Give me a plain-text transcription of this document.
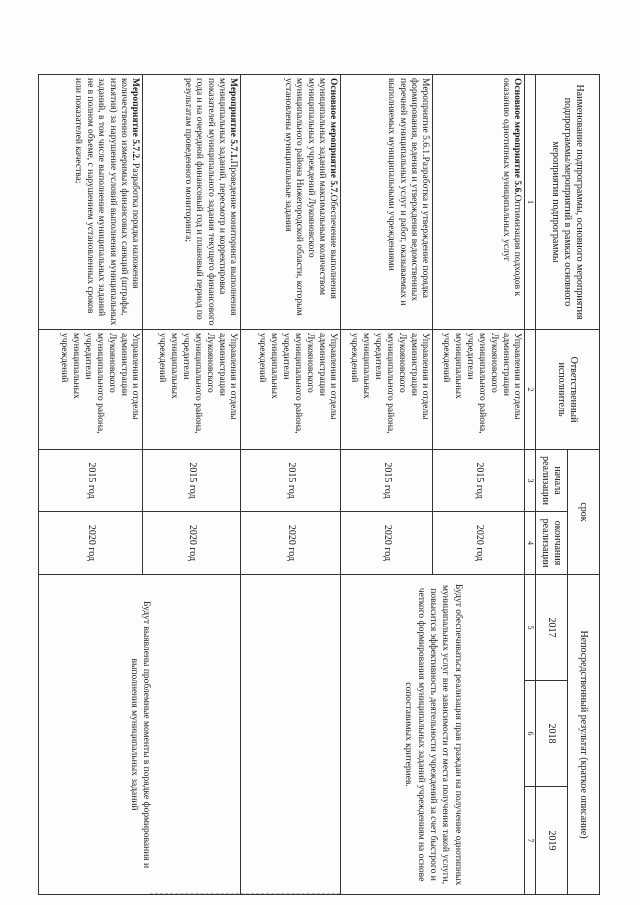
Наименование подпрограммы, основного мероприятия подпрограммы/мероприятий в рамках основного мероприятия подпрограммы	Ответственный исполнитель	срок		Непосредственный результат (краткое описание)		
		начала реализации	окончания реализации	2017	2018	2019
1	2	3	4	5	6	7
Основное мероприятие 5.6.Оптимизация подходов к оказанию однотипных муниципальных услуг	Управления и отделы администрации Лукояновского муниципального района, учредители муниципальных учреждений	2015 год	2020 год	Будут обеспечиваться реализация прав граждан на получение однотипных муниципальных услуг вне зависимости от места получения такой услуги, повысится эффективность деятельности учреждений за счет быстрого и четкого формирования муниципальных заданий учреждениям на основе сопоставимых критериев.		
Мероприятие 5.6.1.Разработка и утверждение порядка формирования, ведения и утверждения ведомственных перечней муниципальных услуг и работ, оказываемых и выполняемых муниципальными учреждениями	Управления и отделы администрации Лукояновского муниципального района, учредители муниципальных учреждений	2015 год	2020 год			
Основное мероприятие 5.7.Обеспечение выполнения муниципальных заданий максимальным количеством муниципальных учреждений Лукояновского муниципального района Нижегородской области, которым установлены муниципальные задания	Управления и отделы администрации Лукояновского муниципального района, учредители муниципальных учреждений	2015 год	2020 год			
Мероприятие 5.7.1.Проведение мониторинга выполнения муниципальных заданий, пересмотр и корректировка показателей муниципального задания текущего финансового года и на очередной финансовый год и плановый период по результатам проведенного мониторинга;	Управления и отделы администрации Лукояновского муниципального района, учредители муниципальных учреждений	2015 год	2020 год	Будут выявлены проблемные моменты в порядке формирования и выполнения муниципальных заданий		
Мероприятие 5.7.2. Разработка порядка наложения количественно измеримых финансовых санкций (штрафы, изъятия) за нарушение условий выполнения муниципальных заданий, в том числе выполнение муниципальных заданий не в полном объеме, с нарушением установленных сроков или показателей качества;	Управления и отделы администрации Лукояновского муниципального района, учредители муниципальных учреждений	2015 год	2020 год			
